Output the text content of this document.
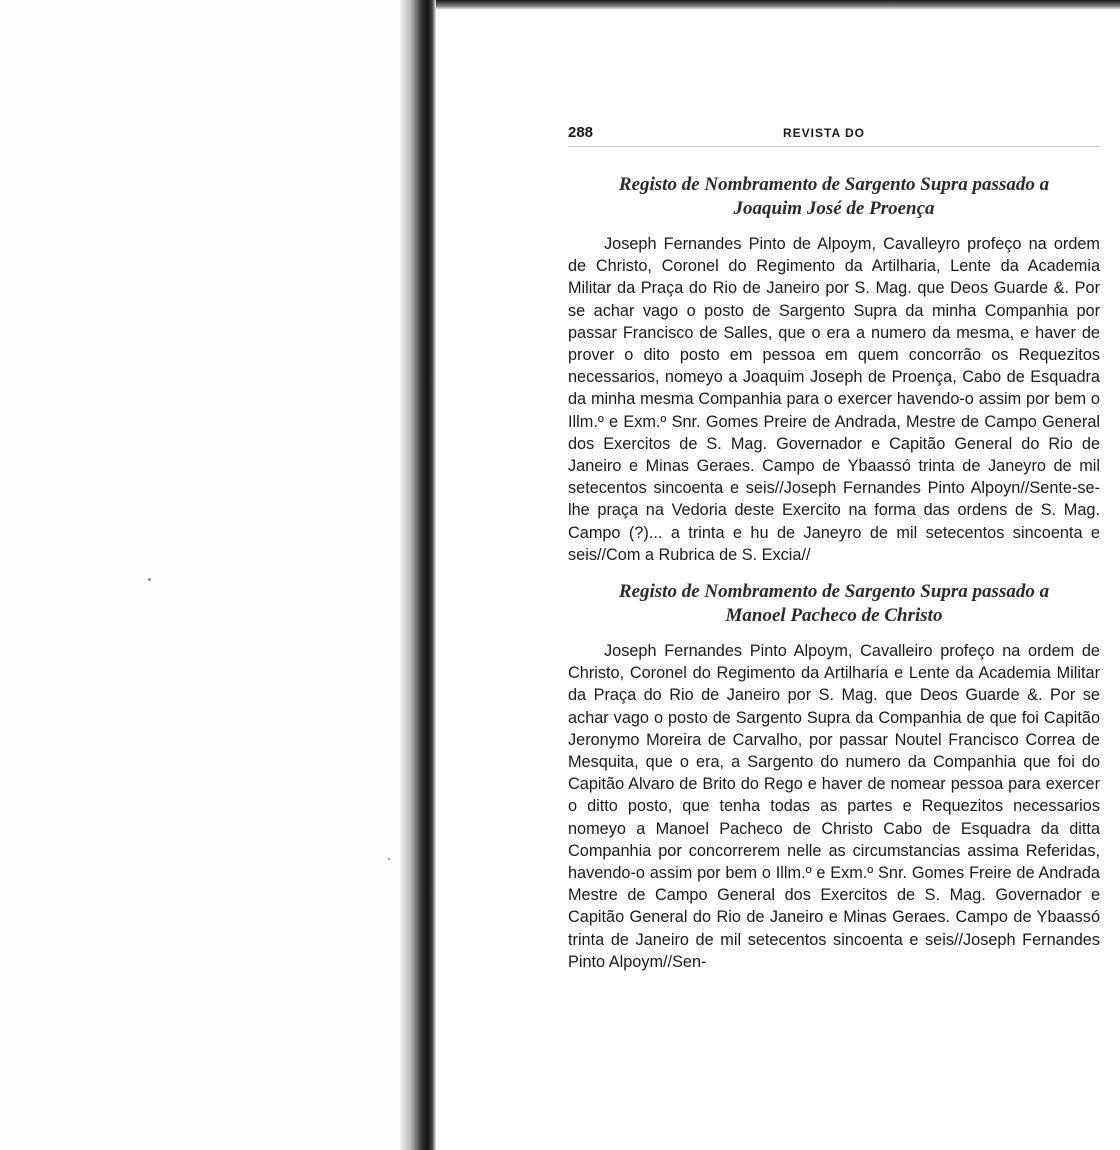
288	REVISTA DO
Registo de Nombramento de Sargento Supra passado a
Joaquim José de Proença

Joseph Fernandes Pinto de Alpoym, Cavalleyro profeço na ordem de Christo, Coronel do Regimento da Artilharia, Lente da Academia Militar da Praça do Rio de Janeiro por S. Mag. que Deos Guarde &. Por se achar vago o posto de Sargento Supra da minha Companhia por passar Francisco de Salles, que o era a numero da mesma, e haver de prover o dito posto em pessoa em quem concorrão os Requezitos necessarios, nomeyo a Joaquim Joseph de Proença, Cabo de Esquadra da minha mesma Companhia para o exercer havendo-o assim por bem o Illm.º e Exm.º Snr. Gomes Preire de Andrada, Mestre de Campo General dos Exercitos de S. Mag. Governador e Capitão General do Rio de Janeiro e Minas Geraes. Campo de Ybaassó trinta de Janeyro de mil setecentos sincoenta e seis//Joseph Fernandes Pinto Alpoyn//Sente-se-lhe praça na Vedoria deste Exercito na forma das ordens de S. Mag. Campo (?)... a trinta e hu de Janeyro de mil setecentos sincoenta e seis//Com a Rubrica de S. Excia//

Registo de Nombramento de Sargento Supra passado a
Manoel Pacheco de Christo

Joseph Fernandes Pinto Alpoym, Cavalleiro profeço na ordem de Christo, Coronel do Regimento da Artilharia e Lente da Academia Militar da Praça do Rio de Janeiro por S. Mag. que Deos Guarde &. Por se achar vago o posto de Sargento Supra da Companhia de que foi Capitão Jeronymo Moreira de Carvalho, por passar Noutel Francisco Correa de Mesquita, que o era, a Sargento do numero da Companhia que foi do Capitão Alvaro de Brito do Rego e haver de nomear pessoa para exercer o ditto posto, que tenha todas as partes e Requezitos necessarios nomeyo a Manoel Pacheco de Christo Cabo de Esquadra da ditta Companhia por concorrerem nelle as circumstancias assima Referidas, havendo-o assim por bem o Illm.º e Exm.º Snr. Gomes Freire de Andrada Mestre de Campo General dos Exercitos de S. Mag. Governador e Capitão General do Rio de Janeiro e Minas Geraes. Campo de Ybaassó trinta de Janeiro de mil setecentos sincoenta e seis//Joseph Fernandes Pinto Alpoym//Sen-
